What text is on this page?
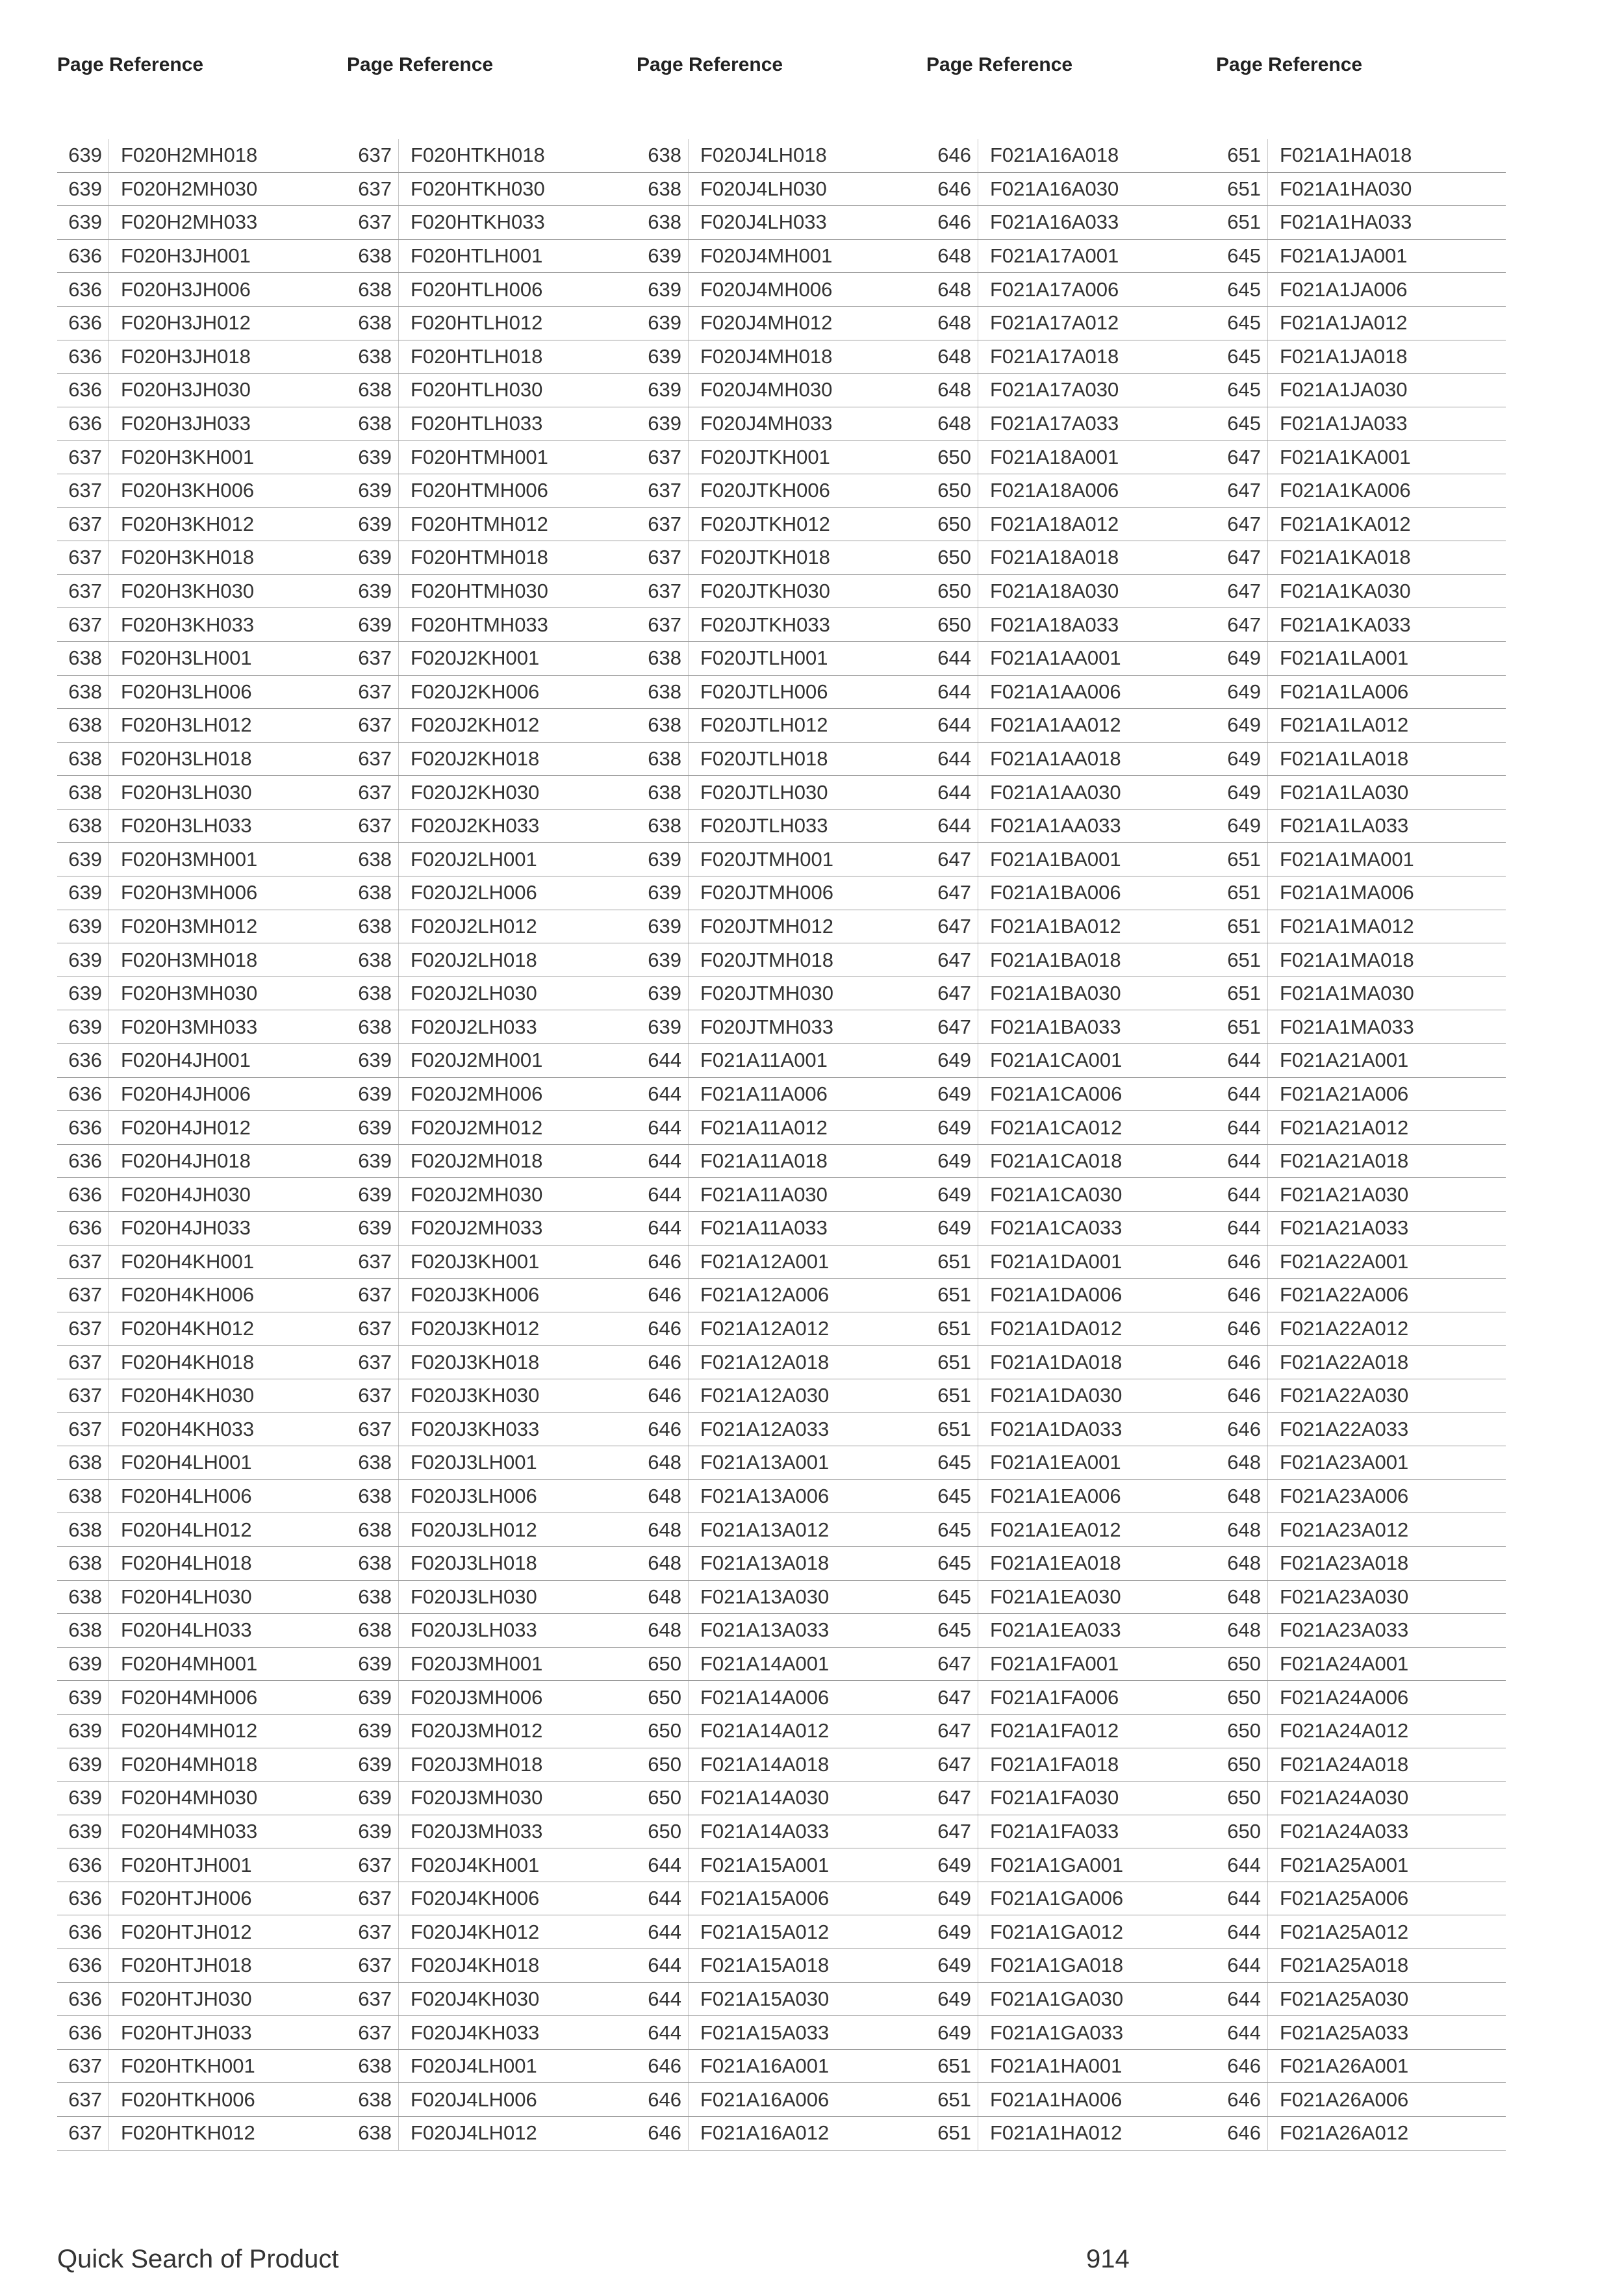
Page Reference
639 F020H2MH018
639 F020H2MH030
639 F020H2MH033
636 F020H3JH001
636 F020H3JH006
636 F020H3JH012
636 F020H3JH018
636 F020H3JH030
636 F020H3JH033
637 F020H3KH001
637 F020H3KH006
637 F020H3KH012
637 F020H3KH018
637 F020H3KH030
637 F020H3KH033
638 F020H3LH001
638 F020H3LH006
638 F020H3LH012
638 F020H3LH018
638 F020H3LH030
638 F020H3LH033
639 F020H3MH001
639 F020H3MH006
639 F020H3MH012
639 F020H3MH018
639 F020H3MH030
639 F020H3MH033
636 F020H4JH001
636 F020H4JH006
636 F020H4JH012
636 F020H4JH018
636 F020H4JH030
636 F020H4JH033
637 F020H4KH001
637 F020H4KH006
637 F020H4KH012
637 F020H4KH018
637 F020H4KH030
637 F020H4KH033
638 F020H4LH001
638 F020H4LH006
638 F020H4LH012
638 F020H4LH018
638 F020H4LH030
638 F020H4LH033
639 F020H4MH001
639 F020H4MH006
639 F020H4MH012
639 F020H4MH018
639 F020H4MH030
639 F020H4MH033
636 F020HTJH001
636 F020HTJH006
636 F020HTJH012
636 F020HTJH018
636 F020HTJH030
636 F020HTJH033
637 F020HTKH001
637 F020HTKH006
637 F020HTKH012
Page Reference
637 F020HTKH018
637 F020HTKH030
637 F020HTKH033
638 F020HTLH001
638 F020HTLH006
638 F020HTLH012
638 F020HTLH018
638 F020HTLH030
638 F020HTLH033
639 F020HTMH001
639 F020HTMH006
639 F020HTMH012
639 F020HTMH018
639 F020HTMH030
639 F020HTMH033
637 F020J2KH001
637 F020J2KH006
637 F020J2KH012
637 F020J2KH018
637 F020J2KH030
637 F020J2KH033
638 F020J2LH001
638 F020J2LH006
638 F020J2LH012
638 F020J2LH018
638 F020J2LH030
638 F020J2LH033
639 F020J2MH001
639 F020J2MH006
639 F020J2MH012
639 F020J2MH018
639 F020J2MH030
639 F020J2MH033
637 F020J3KH001
637 F020J3KH006
637 F020J3KH012
637 F020J3KH018
637 F020J3KH030
637 F020J3KH033
638 F020J3LH001
638 F020J3LH006
638 F020J3LH012
638 F020J3LH018
638 F020J3LH030
638 F020J3LH033
639 F020J3MH001
639 F020J3MH006
639 F020J3MH012
639 F020J3MH018
639 F020J3MH030
639 F020J3MH033
637 F020J4KH001
637 F020J4KH006
637 F020J4KH012
637 F020J4KH018
637 F020J4KH030
637 F020J4KH033
638 F020J4LH001
638 F020J4LH006
638 F020J4LH012
Page Reference
638 F020J4LH018
638 F020J4LH030
638 F020J4LH033
639 F020J4MH001
639 F020J4MH006
639 F020J4MH012
639 F020J4MH018
639 F020J4MH030
639 F020J4MH033
637 F020JTKH001
637 F020JTKH006
637 F020JTKH012
637 F020JTKH018
637 F020JTKH030
637 F020JTKH033
638 F020JTLH001
638 F020JTLH006
638 F020JTLH012
638 F020JTLH018
638 F020JTLH030
638 F020JTLH033
639 F020JTMH001
639 F020JTMH006
639 F020JTMH012
639 F020JTMH018
639 F020JTMH030
639 F020JTMH033
644 F021A11A001
644 F021A11A006
644 F021A11A012
644 F021A11A018
644 F021A11A030
644 F021A11A033
646 F021A12A001
646 F021A12A006
646 F021A12A012
646 F021A12A018
646 F021A12A030
646 F021A12A033
648 F021A13A001
648 F021A13A006
648 F021A13A012
648 F021A13A018
648 F021A13A030
648 F021A13A033
650 F021A14A001
650 F021A14A006
650 F021A14A012
650 F021A14A018
650 F021A14A030
650 F021A14A033
644 F021A15A001
644 F021A15A006
644 F021A15A012
644 F021A15A018
644 F021A15A030
644 F021A15A033
646 F021A16A001
646 F021A16A006
646 F021A16A012
Page Reference
646 F021A16A018
646 F021A16A030
646 F021A16A033
648 F021A17A001
648 F021A17A006
648 F021A17A012
648 F021A17A018
648 F021A17A030
648 F021A17A033
650 F021A18A001
650 F021A18A006
650 F021A18A012
650 F021A18A018
650 F021A18A030
650 F021A18A033
644 F021A1AA001
644 F021A1AA006
644 F021A1AA012
644 F021A1AA018
644 F021A1AA030
644 F021A1AA033
647 F021A1BA001
647 F021A1BA006
647 F021A1BA012
647 F021A1BA018
647 F021A1BA030
647 F021A1BA033
649 F021A1CA001
649 F021A1CA006
649 F021A1CA012
649 F021A1CA018
649 F021A1CA030
649 F021A1CA033
651 F021A1DA001
651 F021A1DA006
651 F021A1DA012
651 F021A1DA018
651 F021A1DA030
651 F021A1DA033
645 F021A1EA001
645 F021A1EA006
645 F021A1EA012
645 F021A1EA018
645 F021A1EA030
645 F021A1EA033
647 F021A1FA001
647 F021A1FA006
647 F021A1FA012
647 F021A1FA018
647 F021A1FA030
647 F021A1FA033
649 F021A1GA001
649 F021A1GA006
649 F021A1GA012
649 F021A1GA018
649 F021A1GA030
649 F021A1GA033
651 F021A1HA001
651 F021A1HA006
651 F021A1HA012
Page Reference
651 F021A1HA018
651 F021A1HA030
651 F021A1HA033
645 F021A1JA001
645 F021A1JA006
645 F021A1JA012
645 F021A1JA018
645 F021A1JA030
645 F021A1JA033
647 F021A1KA001
647 F021A1KA006
647 F021A1KA012
647 F021A1KA018
647 F021A1KA030
647 F021A1KA033
649 F021A1LA001
649 F021A1LA006
649 F021A1LA012
649 F021A1LA018
649 F021A1LA030
649 F021A1LA033
651 F021A1MA001
651 F021A1MA006
651 F021A1MA012
651 F021A1MA018
651 F021A1MA030
651 F021A1MA033
644 F021A21A001
644 F021A21A006
644 F021A21A012
644 F021A21A018
644 F021A21A030
644 F021A21A033
646 F021A22A001
646 F021A22A006
646 F021A22A012
646 F021A22A018
646 F021A22A030
646 F021A22A033
648 F021A23A001
648 F021A23A006
648 F021A23A012
648 F021A23A018
648 F021A23A030
648 F021A23A033
650 F021A24A001
650 F021A24A006
650 F021A24A012
650 F021A24A018
650 F021A24A030
650 F021A24A033
644 F021A25A001
644 F021A25A006
644 F021A25A012
644 F021A25A018
644 F021A25A030
644 F021A25A033
646 F021A26A001
646 F021A26A006
646 F021A26A012
Quick Search of Product	914
